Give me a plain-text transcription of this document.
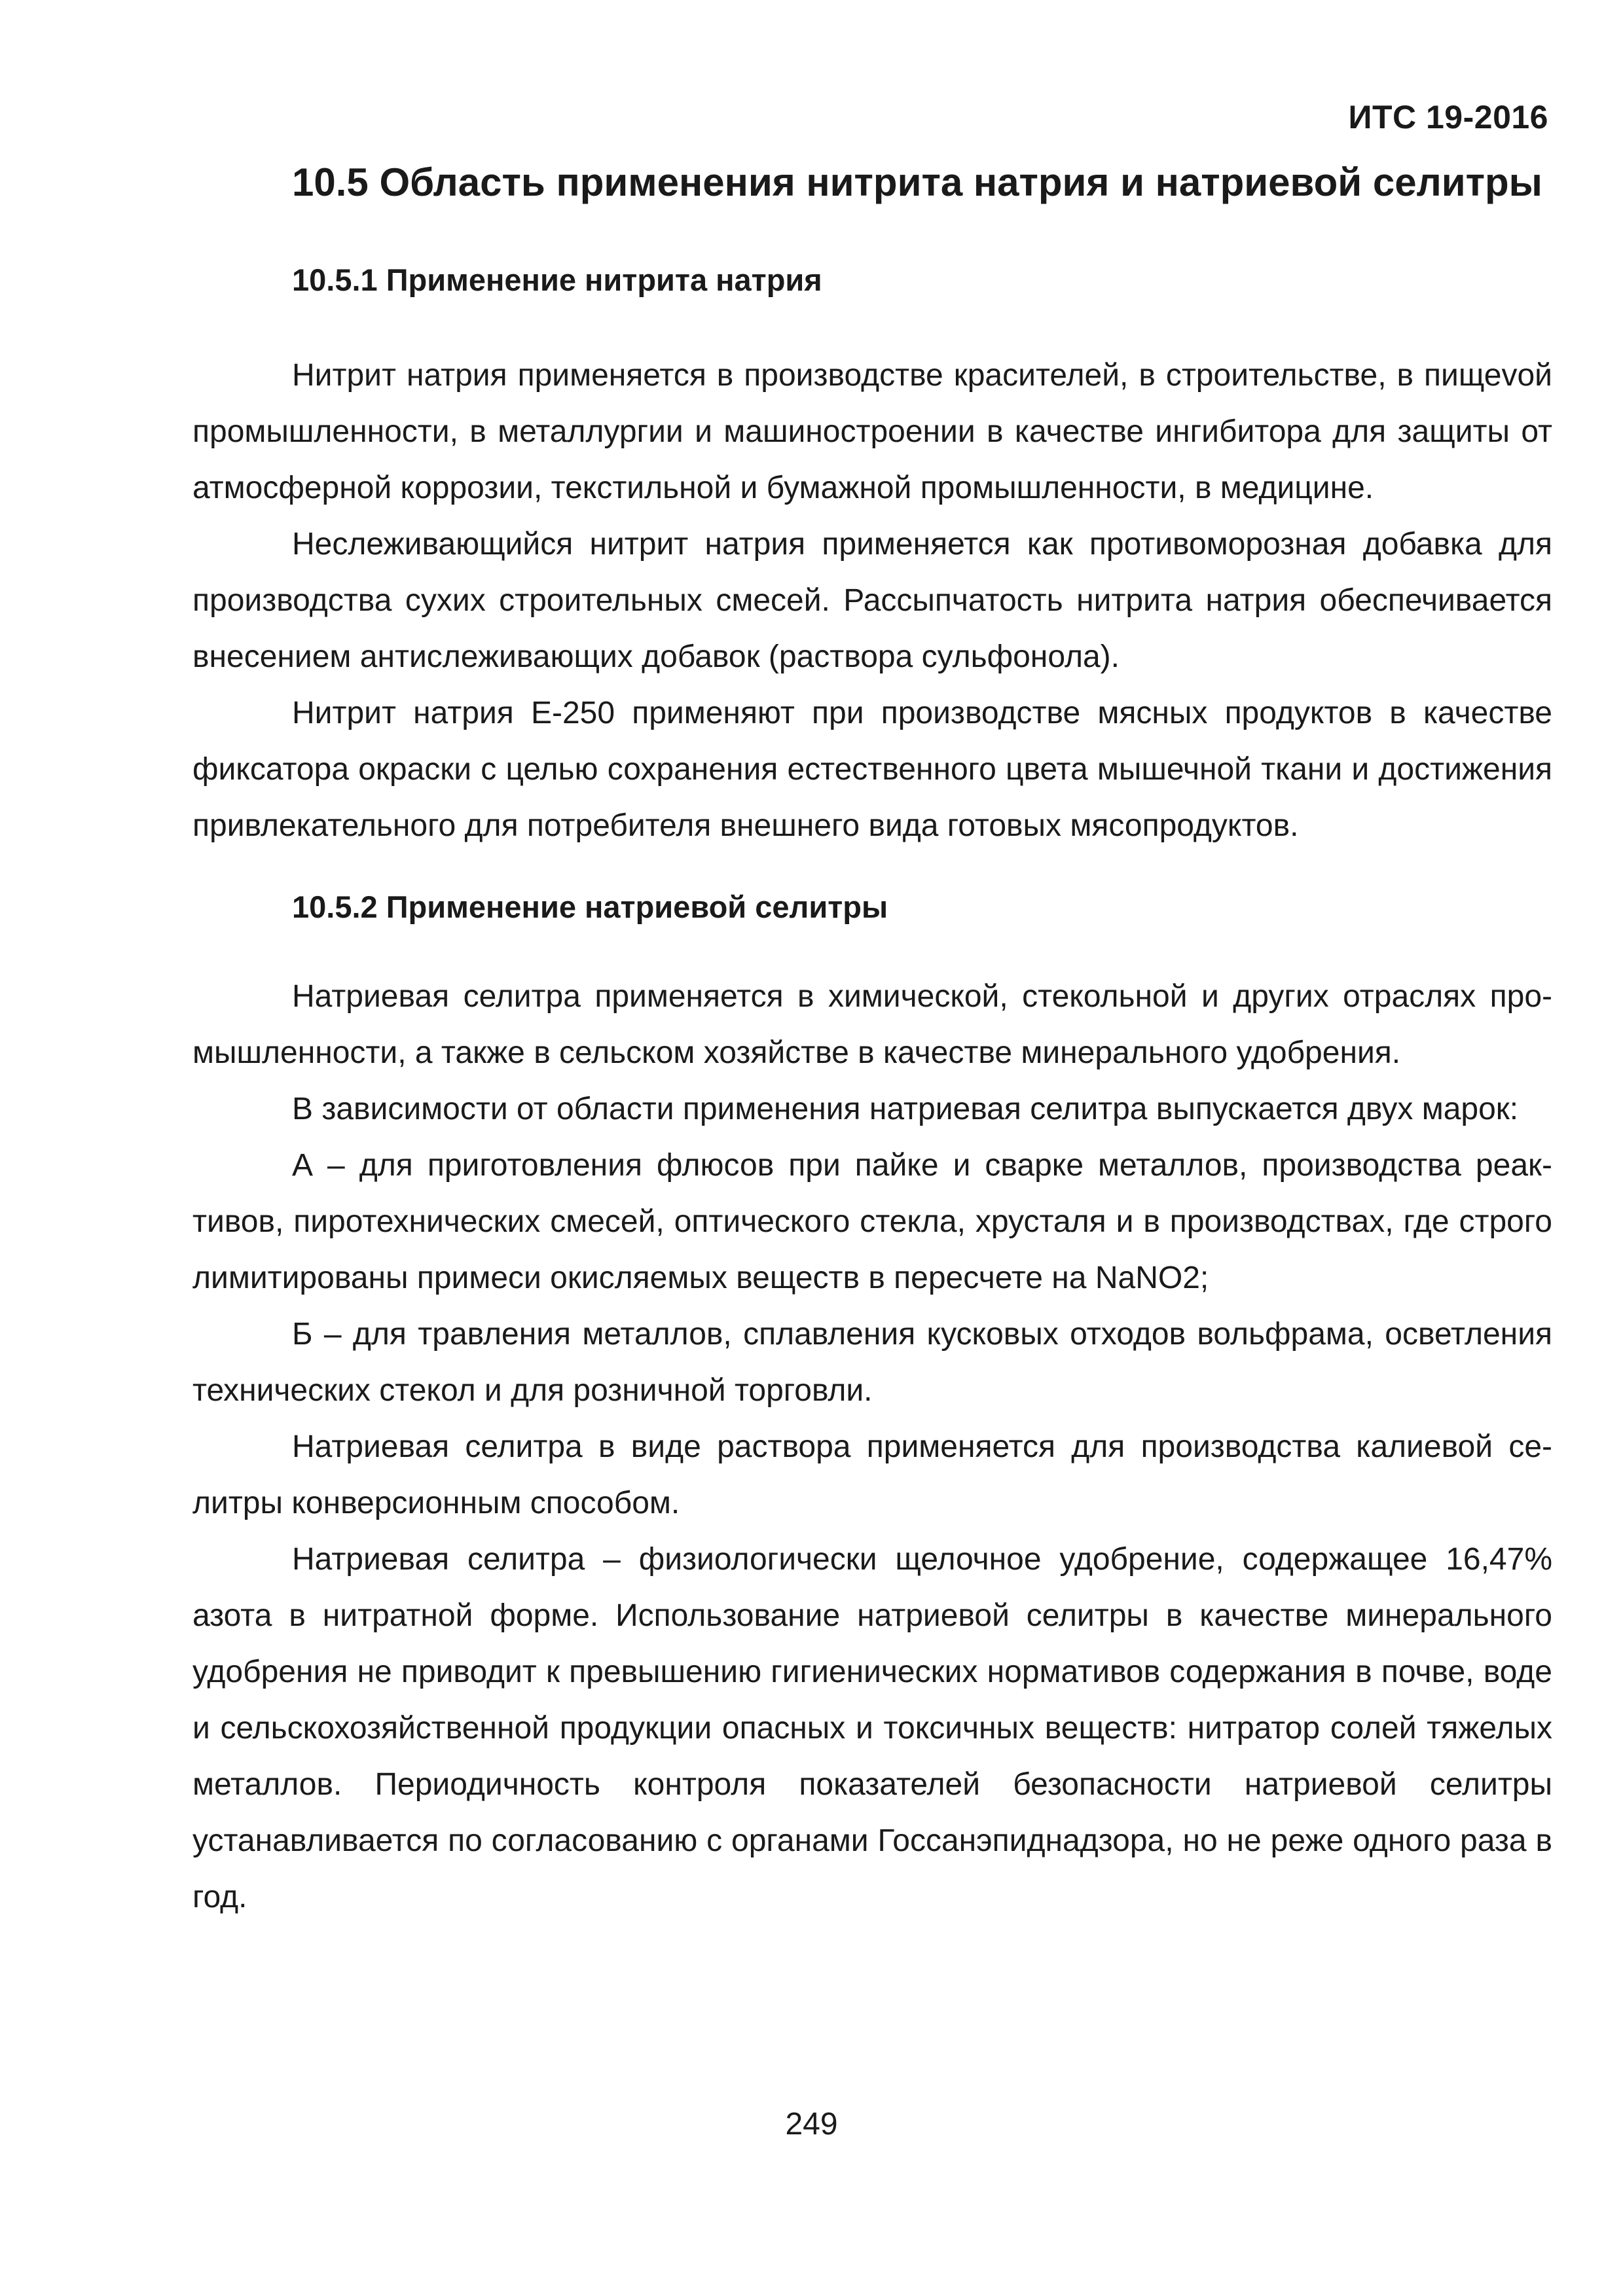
ИТС 19-2016
10.5 Область применения нитрита натрия и натриевой селитры
10.5.1 Применение нитрита натрия

Нитрит натрия применяется в производстве красителей, в строительстве, в пищеvой промышленности, в металлургии и машиностроении в качестве ингибитора для защиты от атмосферной коррозии, текстильной и бумажной промышленности, в медицине.

Неслеживающийся нитрит натрия применяется как противоморозная добавка для производства сухих строительных смесей. Рассыпчатость нитрита натрия обеспечивается внесением антислеживающих добавок (раствора сульфонола).

Нитрит натрия Е-250 применяют при производстве мясных продуктов в качестве фиксатора окраски с целью сохранения естественного цвета мышечной ткани и достижения привлекательного для потребителя внешнего вида готовых мясопродуктов.

10.5.2 Применение натриевой селитры

Натриевая селитра применяется в химической, стекольной и других отраслях промышленности, а также в сельском хозяйстве в качестве минерального удобрения.

В зависимости от области применения натриевая селитра выпускается двух марок:

А – для приготовления флюсов при пайке и сварке металлов, производства реактивов, пиротехнических смесей, оптического стекла, хрусталя и в производствах, где строго лимитированы примеси окисляемых веществ в пересчете на NaNO2;

Б – для травления металлов, сплавления кусковых отходов вольфрама, осветления технических стекол и для розничной торговли.

Натриевая селитра в виде раствора применяется для производства калиевой селитры конверсионным способом.

Натриевая селитра – физиологически щелочное удобрение, содержащее 16,47% азота в нитратной форме. Использование натриевой селитры в качестве минерального удобрения не приводит к превышению гигиенических нормативов содержания в почве, воде и сельскохозяйственной продукции опасных и токсичных веществ: нитратор солей тяжелых металлов. Периодичность контроля показателей безопасности натриевой селитры устанавливается по согласованию с органами Госсанэпиднадзора, но не реже одного раза в год.

249
